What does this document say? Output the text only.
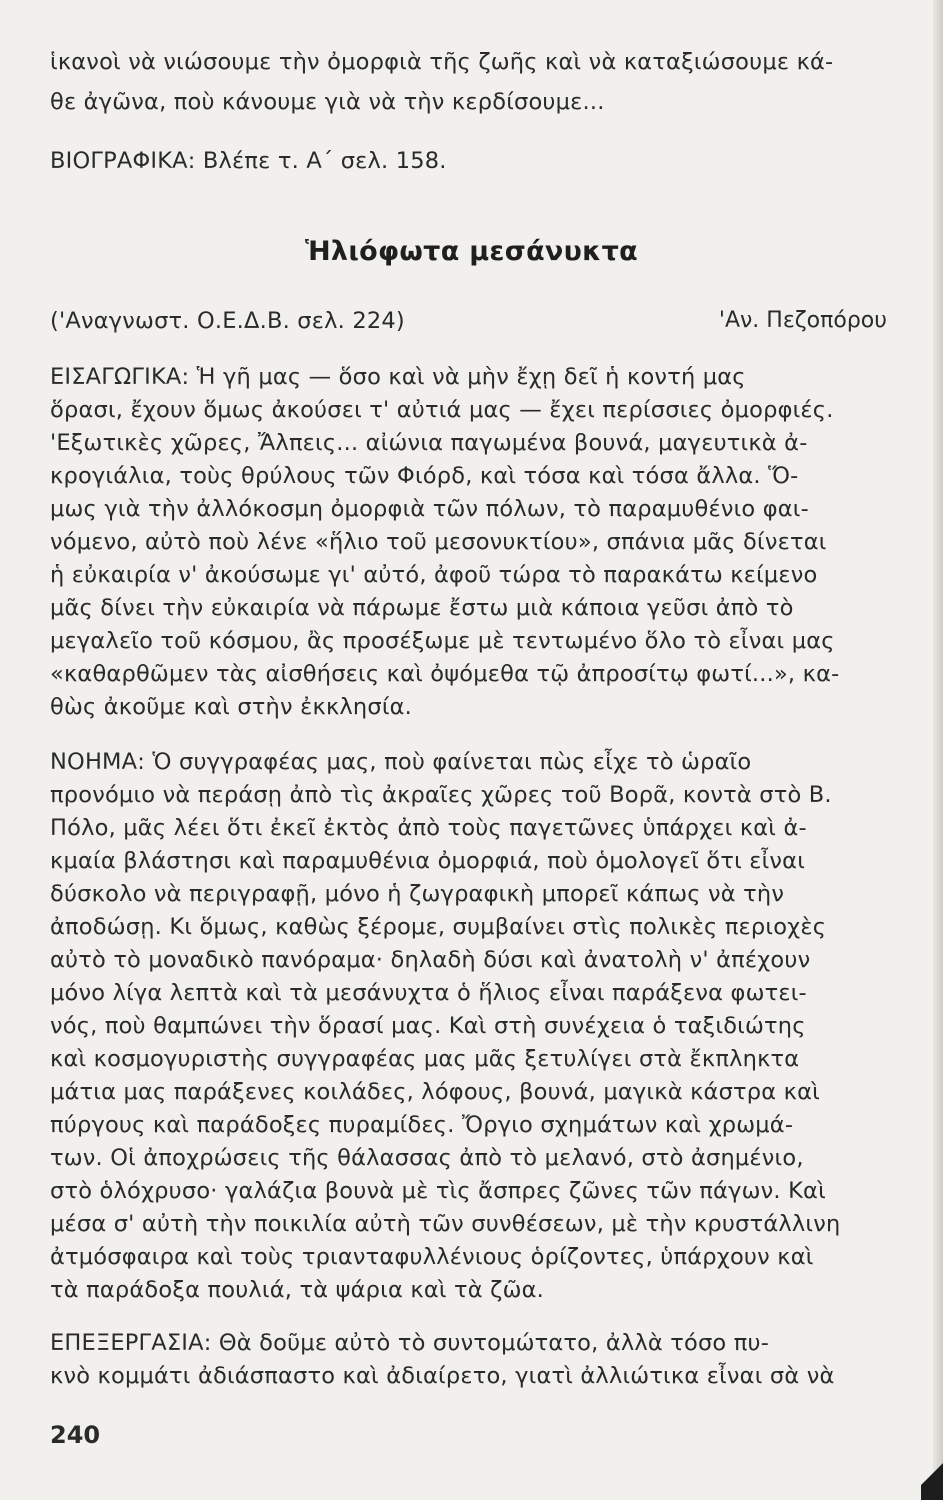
ἱκανοὶ νὰ νιώσουμε τὴν ὀμορφιὰ τῆς ζωῆς καὶ νὰ καταξιώσουμε κά-
θε ἀγῶνα, ποὺ κάνουμε γιὰ νὰ τὴν κερδίσουμε...
ΒΙΟΓΡΑΦΙΚΑ: Βλέπε τ. Α΄ σελ. 158.
Ἡλιόφωτα μεσάνυκτα
('Αναγνωστ. Ο.Ε.Δ.Β. σελ. 224)	'Αν. Πεζοπόρου
ΕΙΣΑΓΩΓΙΚΑ: Ἡ γῆ μας — ὅσο καὶ νὰ μὴν ἔχῃ δεῖ ἡ κοντή μας
ὅρασι, ἔχουν ὅμως ἀκούσει τ' αὐτιά μας — ἔχει περίσσιες ὀμορφιές.
'Εξωτικὲς χῶρες, Ἄλπεις... αἰώνια παγωμένα βουνά, μαγευτικὰ ἀ-
κρογιάλια, τοὺς θρύλους τῶν Φιόρδ, καὶ τόσα καὶ τόσα ἄλλα. Ὅ-
μως γιὰ τὴν ἀλλόκοσμη ὀμορφιὰ τῶν πόλων, τὸ παραμυθένιο φαι-
νόμενο, αὐτὸ ποὺ λένε «ἥλιο τοῦ μεσονυκτίου», σπάνια μᾶς δίνεται
ἡ εὐκαιρία ν' ἀκούσωμε γι' αὐτό, ἀφοῦ τώρα τὸ παρακάτω κείμενο
μᾶς δίνει τὴν εὐκαιρία νὰ πάρωμε ἔστω μιὰ κάποια γεῦσι ἀπὸ τὸ
μεγαλεῖο τοῦ κόσμου, ἂς προσέξωμε μὲ τεντωμένο ὅλο τὸ εἶναι μας
«καθαρθῶμεν τὰς αἰσθήσεις καὶ ὀψόμεθα τῷ ἀπροσίτῳ φωτί...», κα-
θὼς ἀκοῦμε καὶ στὴν ἐκκλησία.
ΝΟΗΜΑ: Ὁ συγγραφέας μας, ποὺ φαίνεται πὼς εἶχε τὸ ὡραῖο
προνόμιο νὰ περάσῃ ἀπὸ τὶς ἀκραῖες χῶρες τοῦ Βορᾶ, κοντὰ στὸ Β.
Πόλο, μᾶς λέει ὅτι ἐκεῖ ἐκτὸς ἀπὸ τοὺς παγετῶνες ὑπάρχει καὶ ἀ-
κμαία βλάστησι καὶ παραμυθένια ὀμορφιά, ποὺ ὁμολογεῖ ὅτι εἶναι
δύσκολο νὰ περιγραφῇ, μόνο ἡ ζωγραφικὴ μπορεῖ κάπως νὰ τὴν
ἀποδώσῃ. Κι ὅμως, καθὼς ξέρομε, συμβαίνει στὶς πολικὲς περιοχὲς
αὐτὸ τὸ μοναδικὸ πανόραμα· δηλαδὴ δύσι καὶ ἀνατολὴ ν' ἀπέχουν
μόνο λίγα λεπτὰ καὶ τὰ μεσάνυχτα ὁ ἥλιος εἶναι παράξενα φωτει-
νός, ποὺ θαμπώνει τὴν ὅρασί μας. Καὶ στὴ συνέχεια ὁ ταξιδιώτης
καὶ κοσμογυριστὴς συγγραφέας μας μᾶς ξετυλίγει στὰ ἔκπληκτα
μάτια μας παράξενες κοιλάδες, λόφους, βουνά, μαγικὰ κάστρα καὶ
πύργους καὶ παράδοξες πυραμίδες. Ὄργιο σχημάτων καὶ χρωμά-
των. Οἱ ἀποχρώσεις τῆς θάλασσας ἀπὸ τὸ μελανό, στὸ ἀσημένιο,
στὸ ὁλόχρυσο· γαλάζια βουνὰ μὲ τὶς ἄσπρες ζῶνες τῶν πάγων. Καὶ
μέσα σ' αὐτὴ τὴν ποικιλία αὐτὴ τῶν συνθέσεων, μὲ τὴν κρυστάλλινη
ἀτμόσφαιρα καὶ τοὺς τριανταφυλλένιους ὁρίζοντες, ὑπάρχουν καὶ
τὰ παράδοξα πουλιά, τὰ ψάρια καὶ τὰ ζῶα.
ΕΠΕΞΕΡΓΑΣΙΑ: Θὰ δοῦμε αὐτὸ τὸ συντομώτατο, ἀλλὰ τόσο πυ-
κνὸ κομμάτι ἀδιάσπαστο καὶ ἀδιαίρετο, γιατὶ ἀλλιώτικα εἶναι σὰ νὰ
240
